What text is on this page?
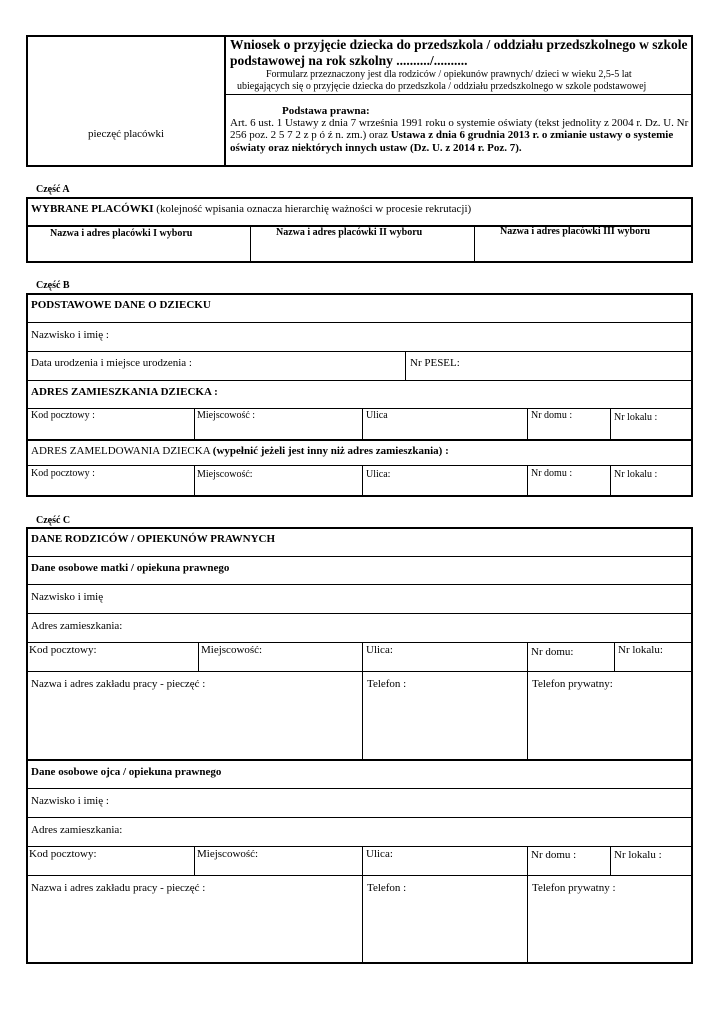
pieczęć placówki
Wniosek o przyjęcie dziecka do przedszkola / oddziału przedszkolnego w szkole
podstawowej na rok szkolny ........../..........
Formularz przeznaczony jest dla rodziców / opiekunów prawnych/ dzieci w wieku 2,5-5 lat
ubiegających się o przyjęcie dziecka do przedszkola / oddziału przedszkolnego w szkole podstawowej
Podstawa prawna:
Art. 6 ust. 1 Ustawy z dnia 7 września 1991 roku o systemie oświaty (tekst jednolity z 2004 r. Dz. U. Nr
256 poz. 2 5 7 2 z p ó ź n. zm.) oraz Ustawa z dnia 6 grudnia 2013 r. o zmianie ustawy o systemie
oświaty oraz niektórych innych ustaw (Dz. U. z 2014 r. Poz. 7).
Część A
WYBRANE PLACÓWKI (kolejność wpisania oznacza hierarchię ważności w procesie rekrutacji)
Nazwa i adres placówki I wyboru	Nazwa i adres placówki II wyboru	Nazwa i adres placówki III wyboru
Część B
PODSTAWOWE DANE O DZIECKU
Nazwisko i imię :
Data urodzenia i miejsce urodzenia :	Nr PESEL:
ADRES ZAMIESZKANIA DZIECKA :
Kod pocztowy :	Miejscowość :	Ulica	Nr domu :	Nr lokalu :
ADRES ZAMELDOWANIA DZIECKA (wypełnić jeżeli jest inny niż adres zamieszkania) :
Kod pocztowy :	Miejscowość:	Ulica:	Nr domu :	Nr lokalu :
Część C
DANE RODZICÓW / OPIEKUNÓW PRAWNYCH
Dane osobowe matki / opiekuna prawnego
Nazwisko i imię
Adres zamieszkania:
Kod pocztowy:	Miejscowość:	Ulica:	Nr domu:	Nr lokalu:
Nazwa i adres zakładu pracy - pieczęć :	Telefon :	Telefon prywatny:
Dane osobowe ojca / opiekuna prawnego
Nazwisko i imię :
Adres zamieszkania:
Kod pocztowy:	Miejscowość:	Ulica:	Nr domu :	Nr lokalu :
Nazwa i adres zakładu pracy - pieczęć :	Telefon :	Telefon prywatny :
